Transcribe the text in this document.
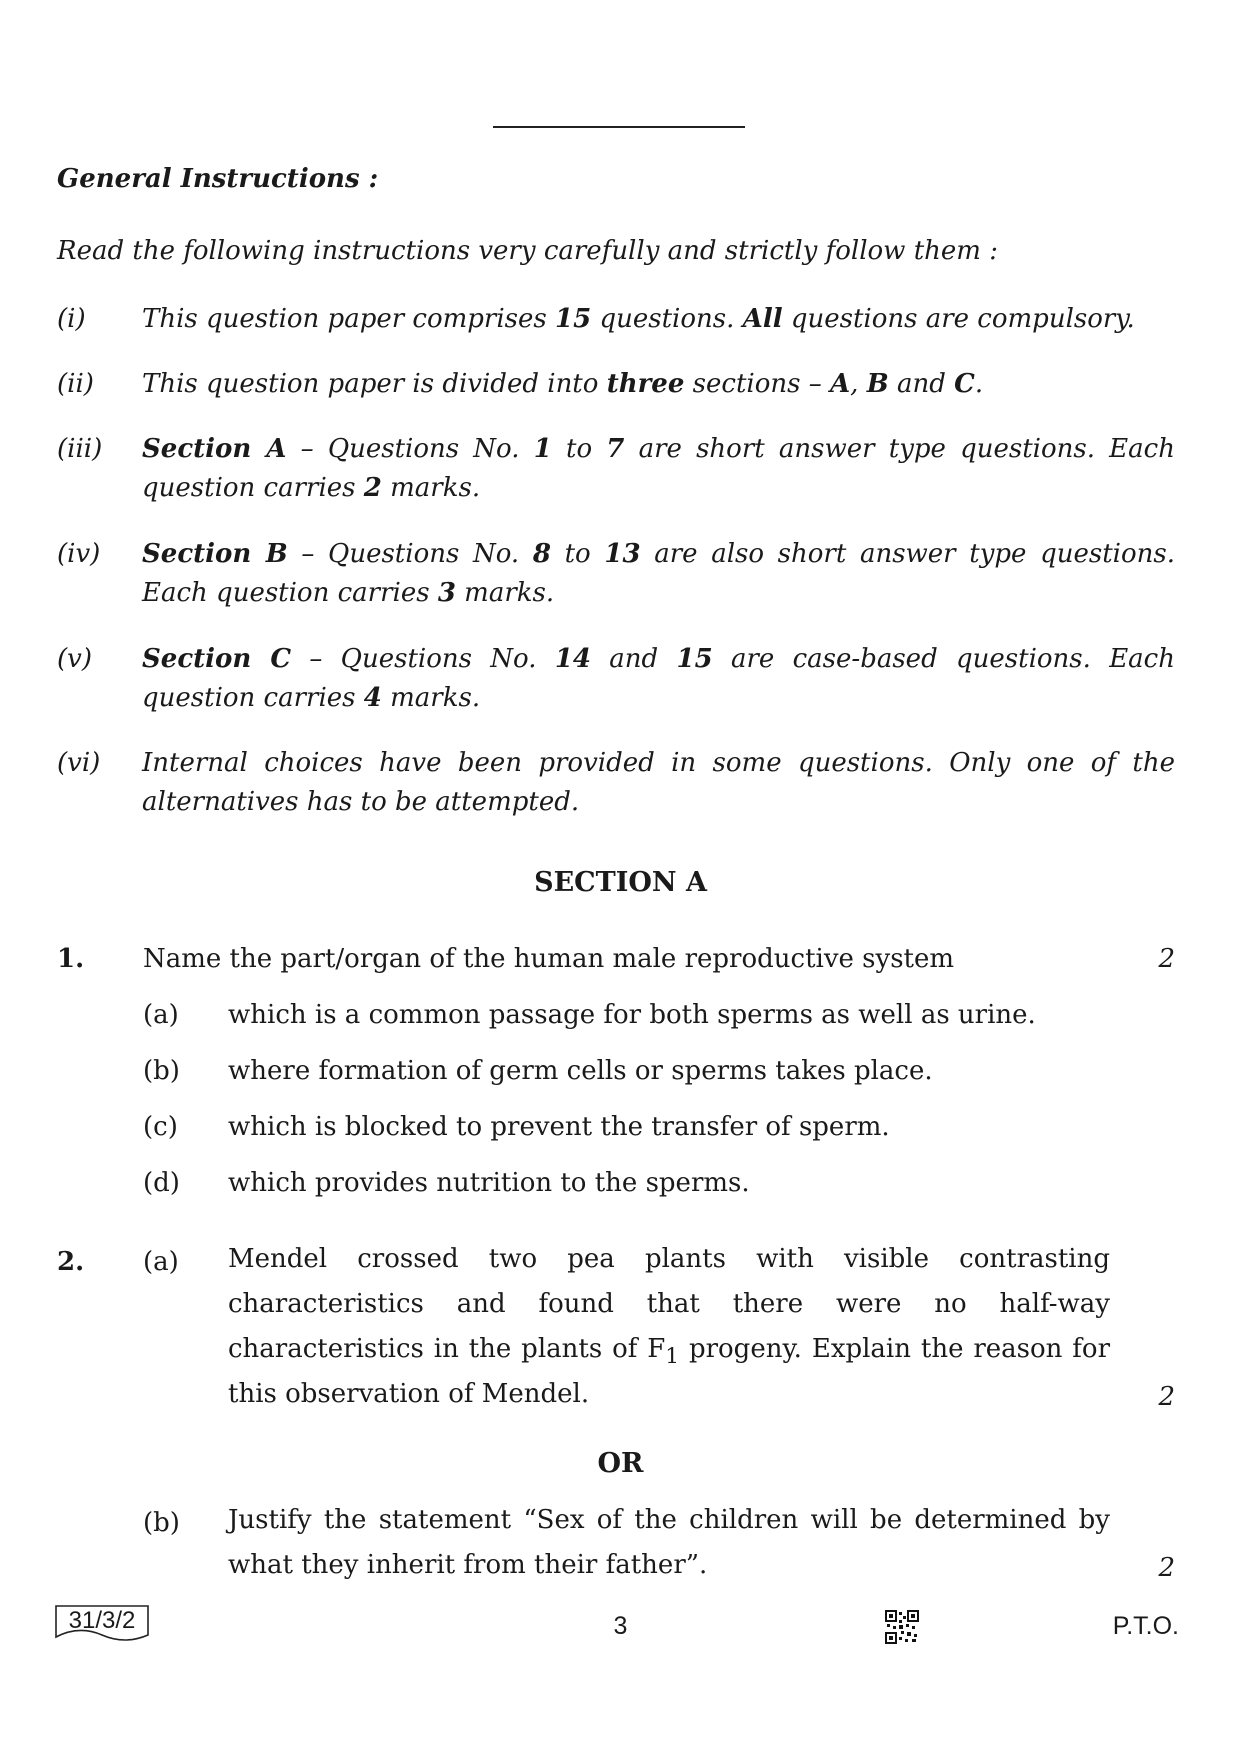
General Instructions :
Read the following instructions very carefully and strictly follow them :
(i) This question paper comprises 15 questions. All questions are compulsory.
(ii) This question paper is divided into three sections – A, B and C.
(iii) Section A – Questions No. 1 to 7 are short answer type questions. Each question carries 2 marks.
(iv) Section B – Questions No. 8 to 13 are also short answer type questions. Each question carries 3 marks.
(v) Section C – Questions No. 14 and 15 are case-based questions. Each question carries 4 marks.
(vi) Internal choices have been provided in some questions. Only one of the alternatives has to be attempted.
SECTION A
1. Name the part/organ of the human male reproductive system	2
(a) which is a common passage for both sperms as well as urine.
(b) where formation of germ cells or sperms takes place.
(c) which is blocked to prevent the transfer of sperm.
(d) which provides nutrition to the sperms.
2. (a) Mendel crossed two pea plants with visible contrasting
characteristics and found that there were no half-way
characteristics in the plants of $F_1$ progeny. Explain the reason for
this observation of Mendel.	2
OR
(b) Justify the statement “Sex of the children will be determined by
what they inherit from their father”.	2
31/3/2	3	P.T.O.
